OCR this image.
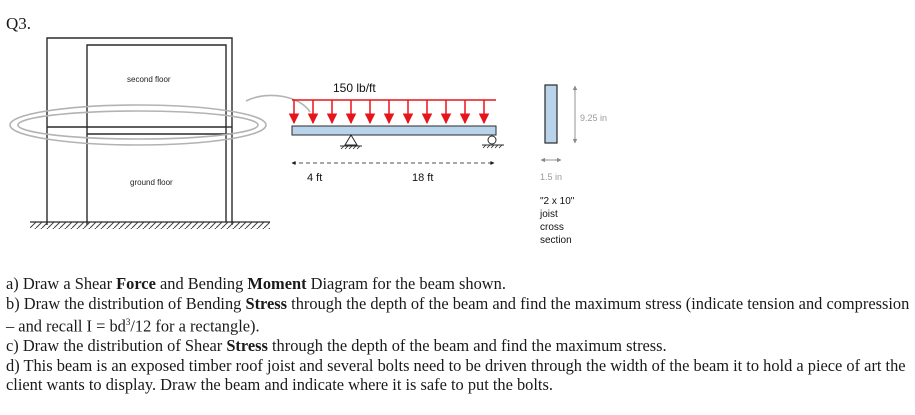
Q3.
second floor
ground floor
150 lb/ft
4 ft	18 ft
9.25 in
1.5 in
"2 x 10"
joist
cross
section

a) Draw a Shear Force and Bending Moment Diagram for the beam shown.

b) Draw the distribution of Bending Stress through the depth of the beam and find the maximum stress (indicate tension and compression – and recall $I = bd^3/12$ for a rectangle).

c) Draw the distribution of Shear Stress through the depth of the beam and find the maximum stress.

d) This beam is an exposed timber roof joist and several bolts need to be driven through the width of the beam it to hold a piece of art the client wants to display. Draw the beam and indicate where it is safe to put the bolts.
